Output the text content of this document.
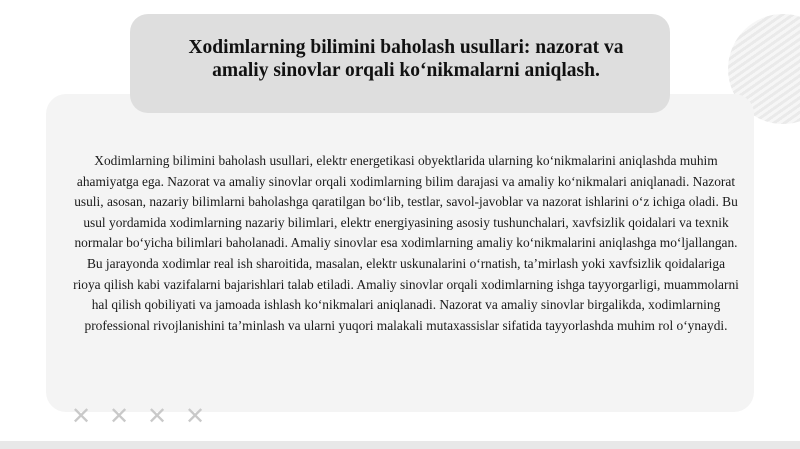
Xodimlarning bilimini baholash usullari: nazorat va amaliy sinovlar orqali ko‘nikmalarni aniqlash.

Xodimlarning bilimini baholash usullari, elektr energetikasi obyektlarida ularning ko‘nikmalarini aniqlashda muhim ahamiyatga ega. Nazorat va amaliy sinovlar orqali xodimlarning bilim darajasi va amaliy ko‘nikmalari aniqlanadi. Nazorat usuli, asosan, nazariy bilimlarni baholashga qaratilgan bo‘lib, testlar, savol-javoblar va nazorat ishlarini o‘z ichiga oladi. Bu usul yordamida xodimlarning nazariy bilimlari, elektr energiyasining asosiy tushunchalari, xavfsizlik qoidalari va texnik normalar bo‘yicha bilimlari baholanadi. Amaliy sinovlar esa xodimlarning amaliy ko‘nikmalarini aniqlashga mo‘ljallangan. Bu jarayonda xodimlar real ish sharoitida, masalan, elektr uskunalarini o‘rnatish, ta’mirlash yoki xavfsizlik qoidalariga rioya qilish kabi vazifalarni bajarishlari talab etiladi. Amaliy sinovlar orqali xodimlarning ishga tayyorgarligi, muammolarni hal qilish qobiliyati va jamoada ishlash ko‘nikmalari aniqlanadi. Nazorat va amaliy sinovlar birgalikda, xodimlarning professional rivojlanishini ta’minlash va ularni yuqori malakali mutaxassislar sifatida tayyorlashda muhim rol o‘ynaydi.

✕ ✕ ✕ ✕
